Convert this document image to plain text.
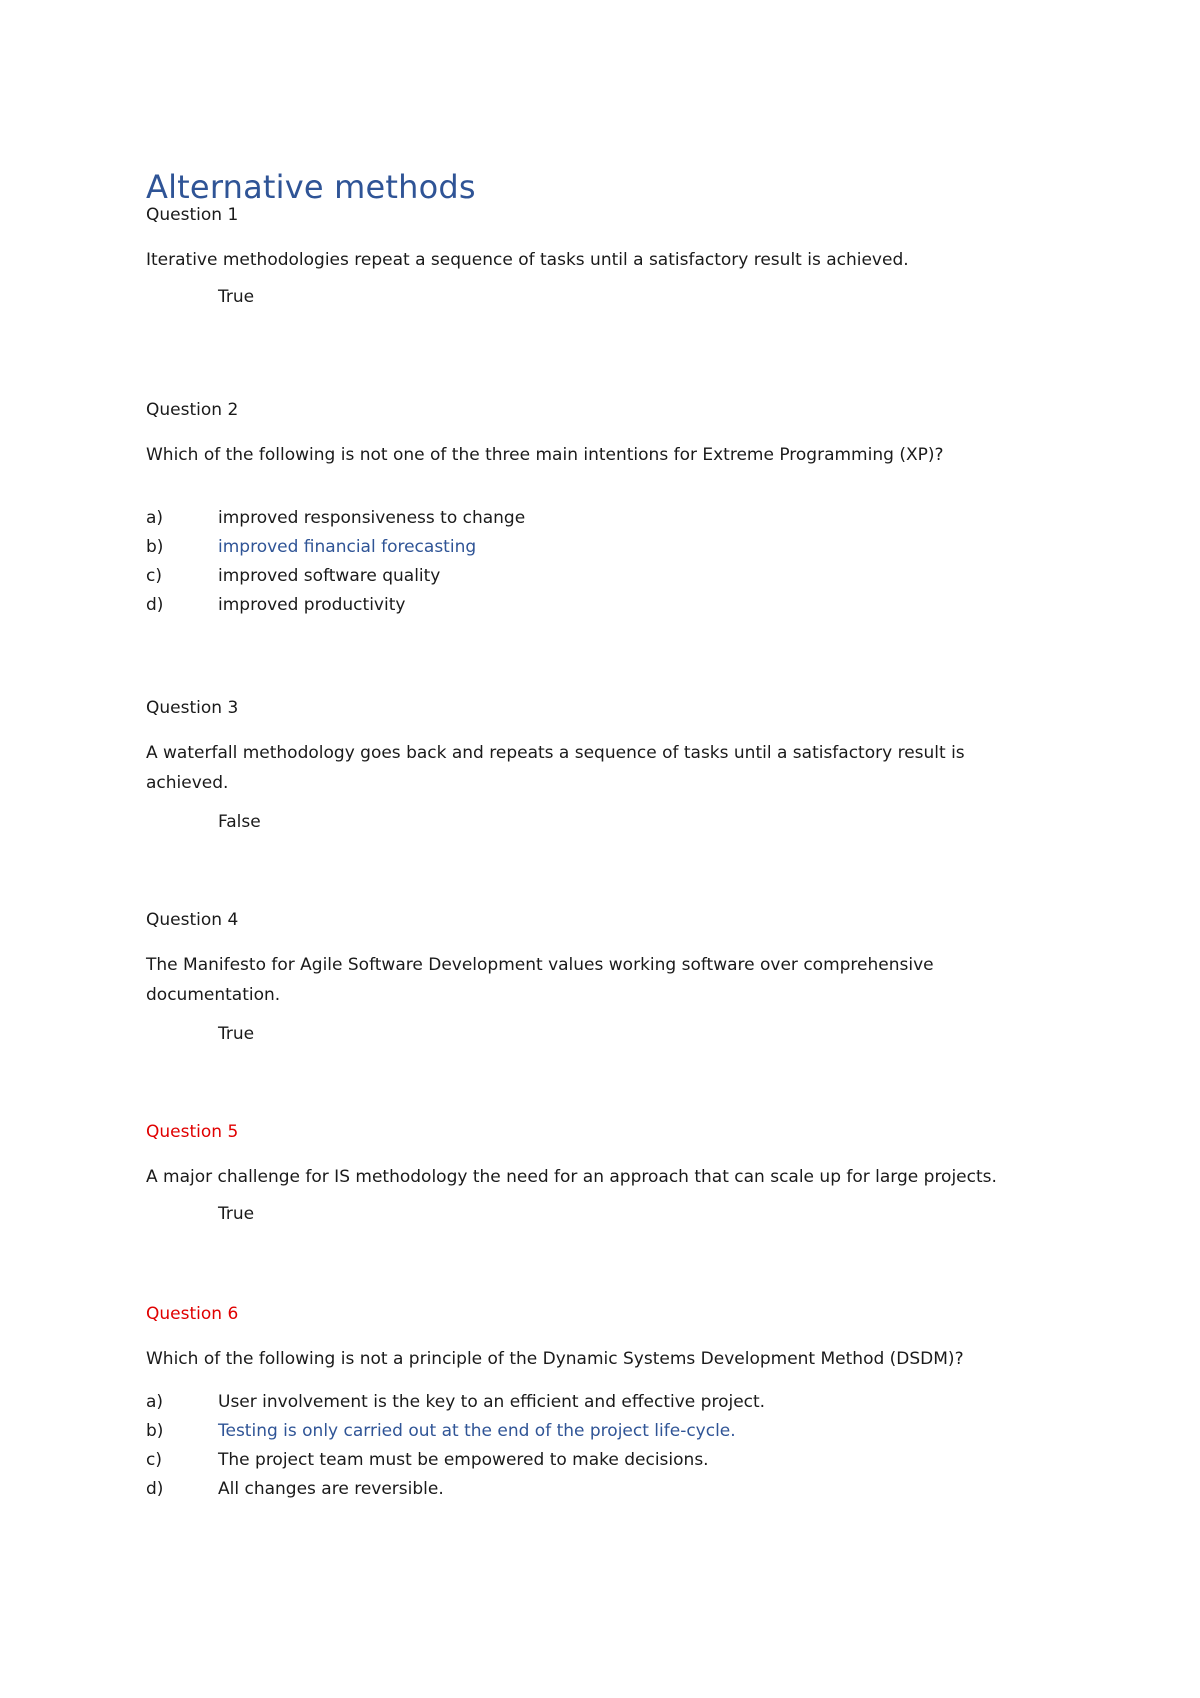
Alternative methods
Question 1
Iterative methodologies repeat a sequence of tasks until a satisfactory result is achieved.
True
Question 2
Which of the following is not one of the three main intentions for Extreme Programming (XP)?
a)	improved responsiveness to change
b)	improved financial forecasting
c)	improved software quality
d)	improved productivity
Question 3
A waterfall methodology goes back and repeats a sequence of tasks until a satisfactory result is achieved.
False
Question 4
The Manifesto for Agile Software Development values working software over comprehensive documentation.
True
Question 5
A major challenge for IS methodology the need for an approach that can scale up for large projects.
True
Question 6
Which of the following is not a principle of the Dynamic Systems Development Method (DSDM)?
a)	User involvement is the key to an efficient and effective project.
b)	Testing is only carried out at the end of the project life-cycle.
c)	The project team must be empowered to make decisions.
d)	All changes are reversible.
